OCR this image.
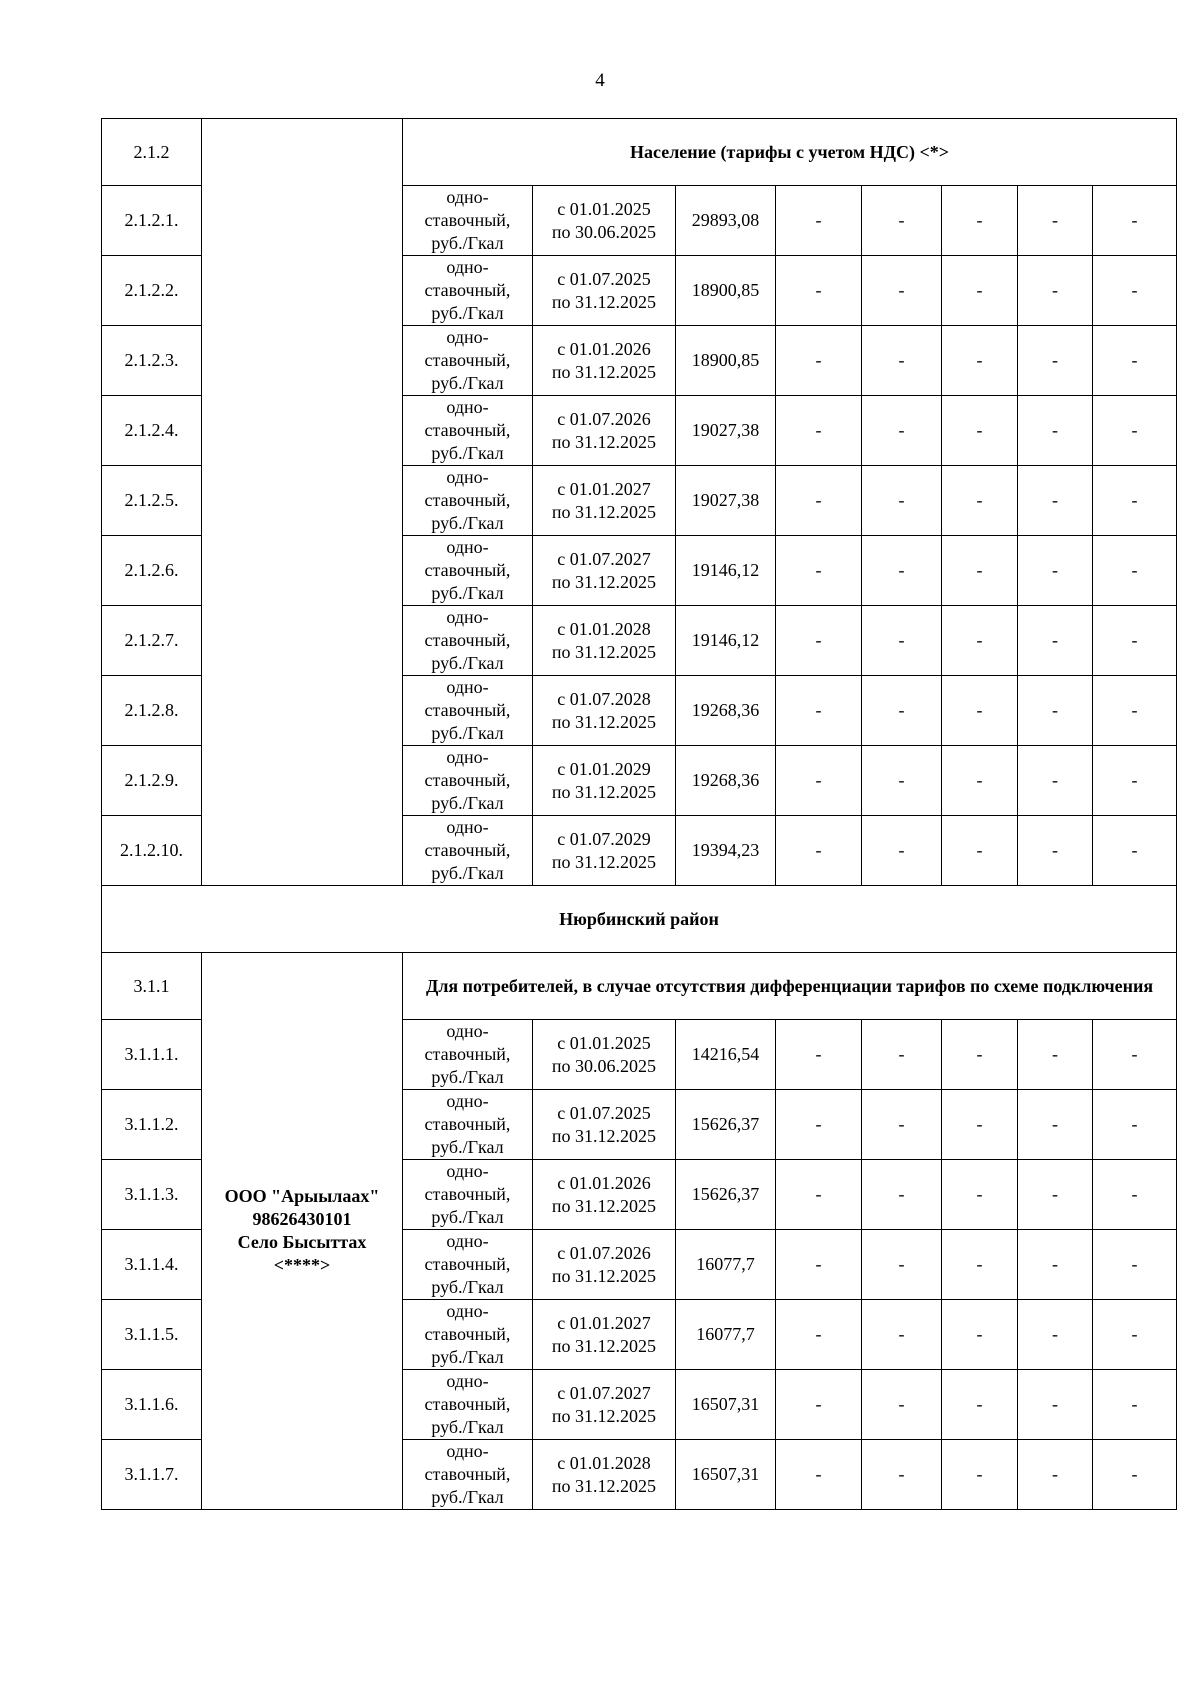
4
2.1.2		Население (тарифы с учетом НДС) <*>							
2.1.2.1.		одно-
ставочный,
руб./Гкал	с 01.01.2025
по 30.06.2025	29893,08	-	-	-	-	-
2.1.2.2.		одно-
ставочный,
руб./Гкал	с 01.07.2025
по 31.12.2025	18900,85	-	-	-	-	-
2.1.2.3.		одно-
ставочный,
руб./Гкал	с 01.01.2026
по 31.12.2025	18900,85	-	-	-	-	-
2.1.2.4.		одно-
ставочный,
руб./Гкал	с 01.07.2026
по 31.12.2025	19027,38	-	-	-	-	-
2.1.2.5.		одно-
ставочный,
руб./Гкал	с 01.01.2027
по 31.12.2025	19027,38	-	-	-	-	-
2.1.2.6.		одно-
ставочный,
руб./Гкал	с 01.07.2027
по 31.12.2025	19146,12	-	-	-	-	-
2.1.2.7.		одно-
ставочный,
руб./Гкал	с 01.01.2028
по 31.12.2025	19146,12	-	-	-	-	-
2.1.2.8.		одно-
ставочный,
руб./Гкал	с 01.07.2028
по 31.12.2025	19268,36	-	-	-	-	-
2.1.2.9.		одно-
ставочный,
руб./Гкал	с 01.01.2029
по 31.12.2025	19268,36	-	-	-	-	-
2.1.2.10.		одно-
ставочный,
руб./Гкал	с 01.07.2029
по 31.12.2025	19394,23	-	-	-	-	-
Нюрбинский район									
3.1.1	ООО "Арыылаах"
98626430101
Село Бысыттах
<****>	Для потребителей, в случае отсутствия дифференциации тарифов по схеме подключения							
3.1.1.1.		одно-
ставочный,
руб./Гкал	с 01.01.2025
по 30.06.2025	14216,54	-	-	-	-	-
3.1.1.2.		одно-
ставочный,
руб./Гкал	с 01.07.2025
по 31.12.2025	15626,37	-	-	-	-	-
3.1.1.3.		одно-
ставочный,
руб./Гкал	с 01.01.2026
по 31.12.2025	15626,37	-	-	-	-	-
3.1.1.4.		одно-
ставочный,
руб./Гкал	с 01.07.2026
по 31.12.2025	16077,7	-	-	-	-	-
3.1.1.5.		одно-
ставочный,
руб./Гкал	с 01.01.2027
по 31.12.2025	16077,7	-	-	-	-	-
3.1.1.6.		одно-
ставочный,
руб./Гкал	с 01.07.2027
по 31.12.2025	16507,31	-	-	-	-	-
3.1.1.7.		одно-
ставочный,
руб./Гкал	с 01.01.2028
по 31.12.2025	16507,31	-	-	-	-	-
